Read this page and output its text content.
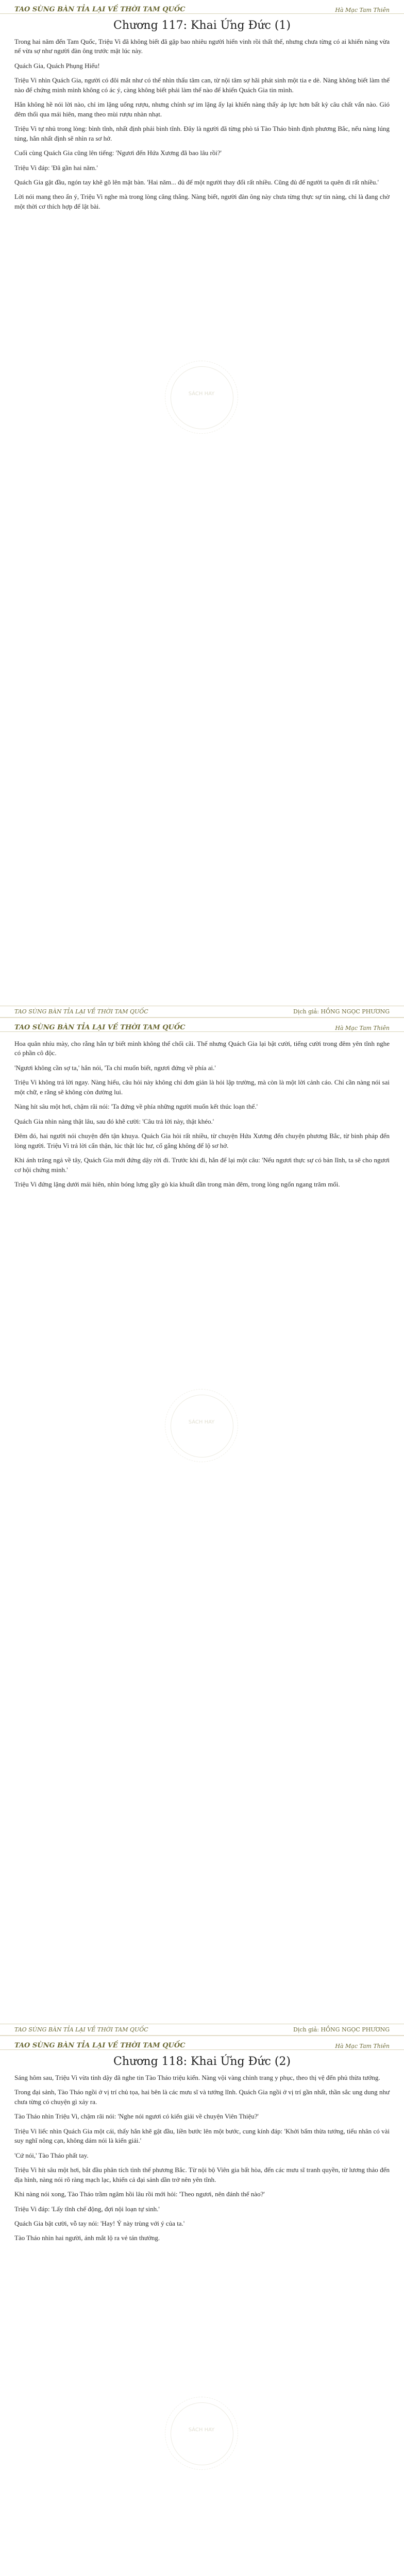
TAO SÙNG BÀN TỈA LẠI VỀ THỜI TAM QUỐC	Hà Mạc Tam Thiên
Chương 117: Khai Ứng Đức (1)

Trong hai năm đến Tam Quốc, Triệu Vi đã không biết đã gặp bao nhiêu người hiển vinh rồi thất thế, nhưng chưa từng có ai khiến nàng vừa nể vừa sợ như người đàn ông trước mặt lúc này.

Quách Gia, Quách Phụng Hiếu!

Triệu Vi nhìn Quách Gia, người có đôi mắt như có thể nhìn thấu tâm can, từ nội tâm sợ hãi phát sinh một tia e dè. Nàng không biết làm thế nào để chứng minh mình không có ác ý, càng không biết phải làm thế nào để khiến Quách Gia tin mình.

Hắn không hề nói lời nào, chỉ im lặng uống rượu, nhưng chính sự im lặng ấy lại khiến nàng thấy áp lực hơn bất kỳ câu chất vấn nào. Gió đêm thổi qua mái hiên, mang theo mùi rượu nhàn nhạt.

Triệu Vi tự nhủ trong lòng: bình tĩnh, nhất định phải bình tĩnh. Đây là người đã từng phò tá Tào Tháo bình định phương Bắc, nếu nàng lúng túng, hắn nhất định sẽ nhìn ra sơ hở.

Cuối cùng Quách Gia cũng lên tiếng: 'Ngươi đến Hứa Xương đã bao lâu rồi?'

Triệu Vi đáp: 'Đã gần hai năm.'

Quách Gia gật đầu, ngón tay khẽ gõ lên mặt bàn. 'Hai năm... đủ để một người thay đổi rất nhiều. Cũng đủ để người ta quên đi rất nhiều.'

Lời nói mang theo ẩn ý, Triệu Vi nghe mà trong lòng căng thẳng. Nàng biết, người đàn ông này chưa từng thực sự tin nàng, chỉ là đang chờ một thời cơ thích hợp để lật bài.

SÁCH HAY
TAO SÙNG BÀN TỈA LẠI VỀ THỜI TAM QUỐC	Dịch giả: HỒNG NGỌC PHƯƠNG
TAO SÙNG BÀN TỈA LẠI VỀ THỜI TAM QUỐC	Hà Mạc Tam Thiên

Hoa quân nhíu mày, cho rằng hắn tự biết mình không thể chối cãi. Thế nhưng Quách Gia lại bật cười, tiếng cười trong đêm yên tĩnh nghe có phần cô độc.

'Ngươi không cần sợ ta,' hắn nói, 'Ta chỉ muốn biết, ngươi đứng về phía ai.'

Triệu Vi không trả lời ngay. Nàng hiểu, câu hỏi này không chỉ đơn giản là hỏi lập trường, mà còn là một lời cảnh cáo. Chỉ cần nàng nói sai một chữ, e rằng sẽ không còn đường lui.

Nàng hít sâu một hơi, chậm rãi nói: 'Ta đứng về phía những người muốn kết thúc loạn thế.'

Quách Gia nhìn nàng thật lâu, sau đó khẽ cười: 'Câu trả lời này, thật khéo.'

Đêm đó, hai người nói chuyện đến tận khuya. Quách Gia hỏi rất nhiều, từ chuyện Hứa Xương đến chuyện phương Bắc, từ binh pháp đến lòng người. Triệu Vi trả lời cẩn thận, lúc thật lúc hư, cố gắng không để lộ sơ hở.

Khi ánh trăng ngả về tây, Quách Gia mới đứng dậy rời đi. Trước khi đi, hắn để lại một câu: 'Nếu ngươi thực sự có bản lĩnh, ta sẽ cho ngươi cơ hội chứng minh.'

Triệu Vi đứng lặng dưới mái hiên, nhìn bóng lưng gầy gò kia khuất dần trong màn đêm, trong lòng ngổn ngang trăm mối.

SÁCH HAY
TAO SÙNG BÀN TỈA LẠI VỀ THỜI TAM QUỐC	Dịch giả: HỒNG NGỌC PHƯƠNG
TAO SÙNG BÀN TỈA LẠI VỀ THỜI TAM QUỐC	Hà Mạc Tam Thiên
Chương 118: Khai Ứng Đức (2)

Sáng hôm sau, Triệu Vi vừa tỉnh dậy đã nghe tin Tào Tháo triệu kiến. Nàng vội vàng chỉnh trang y phục, theo thị vệ đến phủ thừa tướng.

Trong đại sảnh, Tào Tháo ngồi ở vị trí chủ tọa, hai bên là các mưu sĩ và tướng lĩnh. Quách Gia ngồi ở vị trí gần nhất, thần sắc ung dung như chưa từng có chuyện gì xảy ra.

Tào Tháo nhìn Triệu Vi, chậm rãi nói: 'Nghe nói ngươi có kiến giải về chuyện Viên Thiệu?'

Triệu Vi liếc nhìn Quách Gia một cái, thấy hắn khẽ gật đầu, liền bước lên một bước, cung kính đáp: 'Khởi bẩm thừa tướng, tiểu nhân có vài suy nghĩ nông cạn, không dám nói là kiến giải.'

'Cứ nói,' Tào Tháo phất tay.

Triệu Vi hít sâu một hơi, bắt đầu phân tích tình thế phương Bắc. Từ nội bộ Viên gia bất hòa, đến các mưu sĩ tranh quyền, từ lương thảo đến địa hình, nàng nói rõ ràng mạch lạc, khiến cả đại sảnh dần trở nên yên tĩnh.

Khi nàng nói xong, Tào Tháo trầm ngâm hồi lâu rồi mới hỏi: 'Theo ngươi, nên đánh thế nào?'

Triệu Vi đáp: 'Lấy tĩnh chế động, đợi nội loạn tự sinh.'

Quách Gia bật cười, vỗ tay nói: 'Hay! Ý này trùng với ý của ta.'

Tào Tháo nhìn hai người, ánh mắt lộ ra vẻ tán thưởng.

SÁCH HAY
